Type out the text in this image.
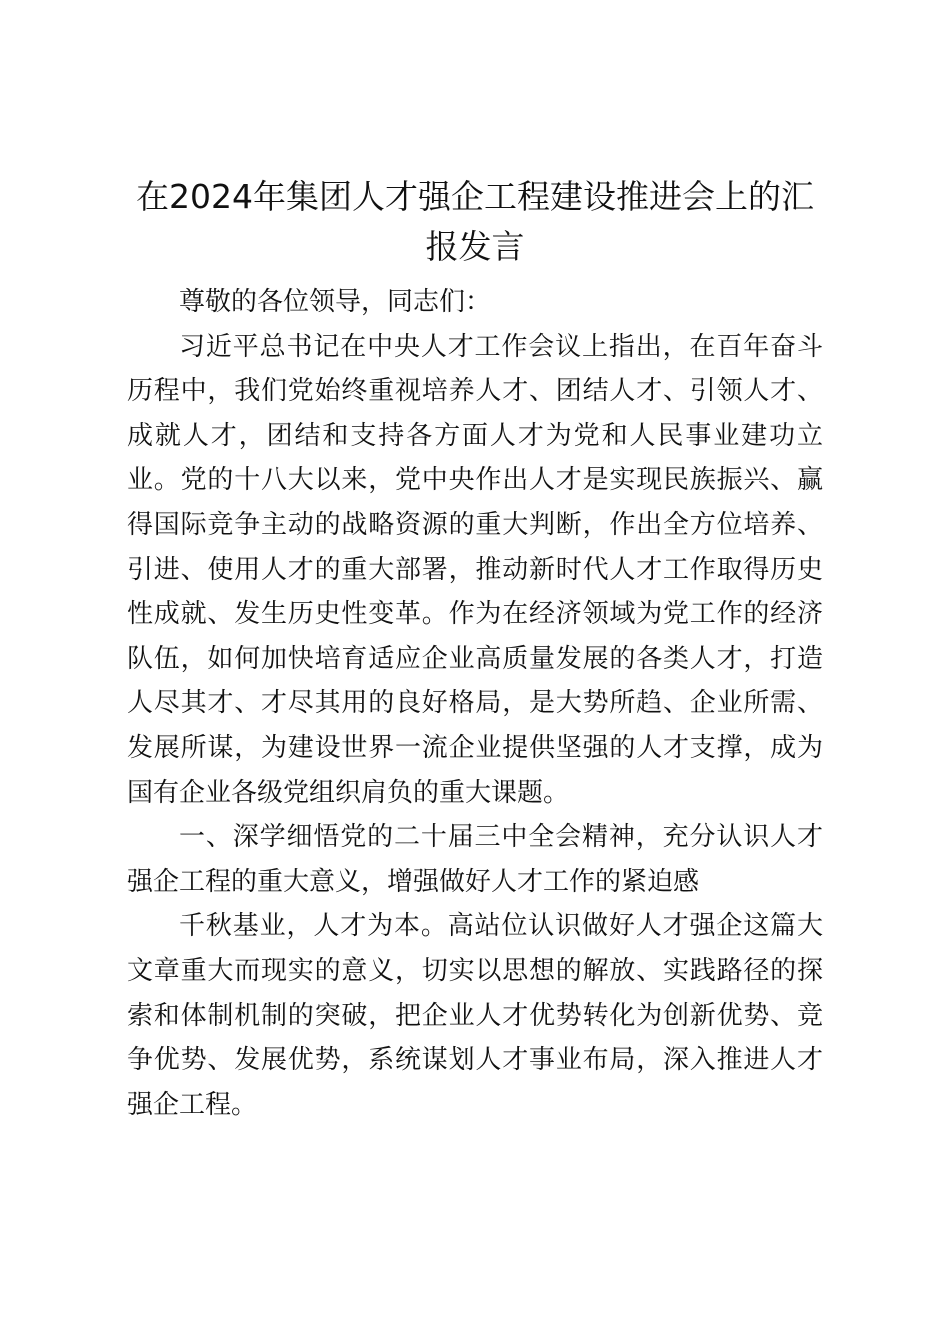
在2024年集团人才强企工程建设推进会上的汇报发言

尊敬的各位领导，同志们：

习近平总书记在中央人才工作会议上指出，在百年奋斗历程中，我们党始终重视培养人才、团结人才、引领人才、成就人才，团结和支持各方面人才为党和人民事业建功立业。党的十八大以来，党中央作出人才是实现民族振兴、赢得国际竞争主动的战略资源的重大判断，作出全方位培养、引进、使用人才的重大部署，推动新时代人才工作取得历史性成就、发生历史性变革。作为在经济领域为党工作的经济队伍，如何加快培育适应企业高质量发展的各类人才，打造人尽其才、才尽其用的良好格局，是大势所趋、企业所需、发展所谋，为建设世界一流企业提供坚强的人才支撑，成为国有企业各级党组织肩负的重大课题。

一、深学细悟党的二十届三中全会精神，充分认识人才强企工程的重大意义，增强做好人才工作的紧迫感

千秋基业，人才为本。高站位认识做好人才强企这篇大文章重大而现实的意义，切实以思想的解放、实践路径的探索和体制机制的突破，把企业人才优势转化为创新优势、竞争优势、发展优势，系统谋划人才事业布局，深入推进人才强企工程。
